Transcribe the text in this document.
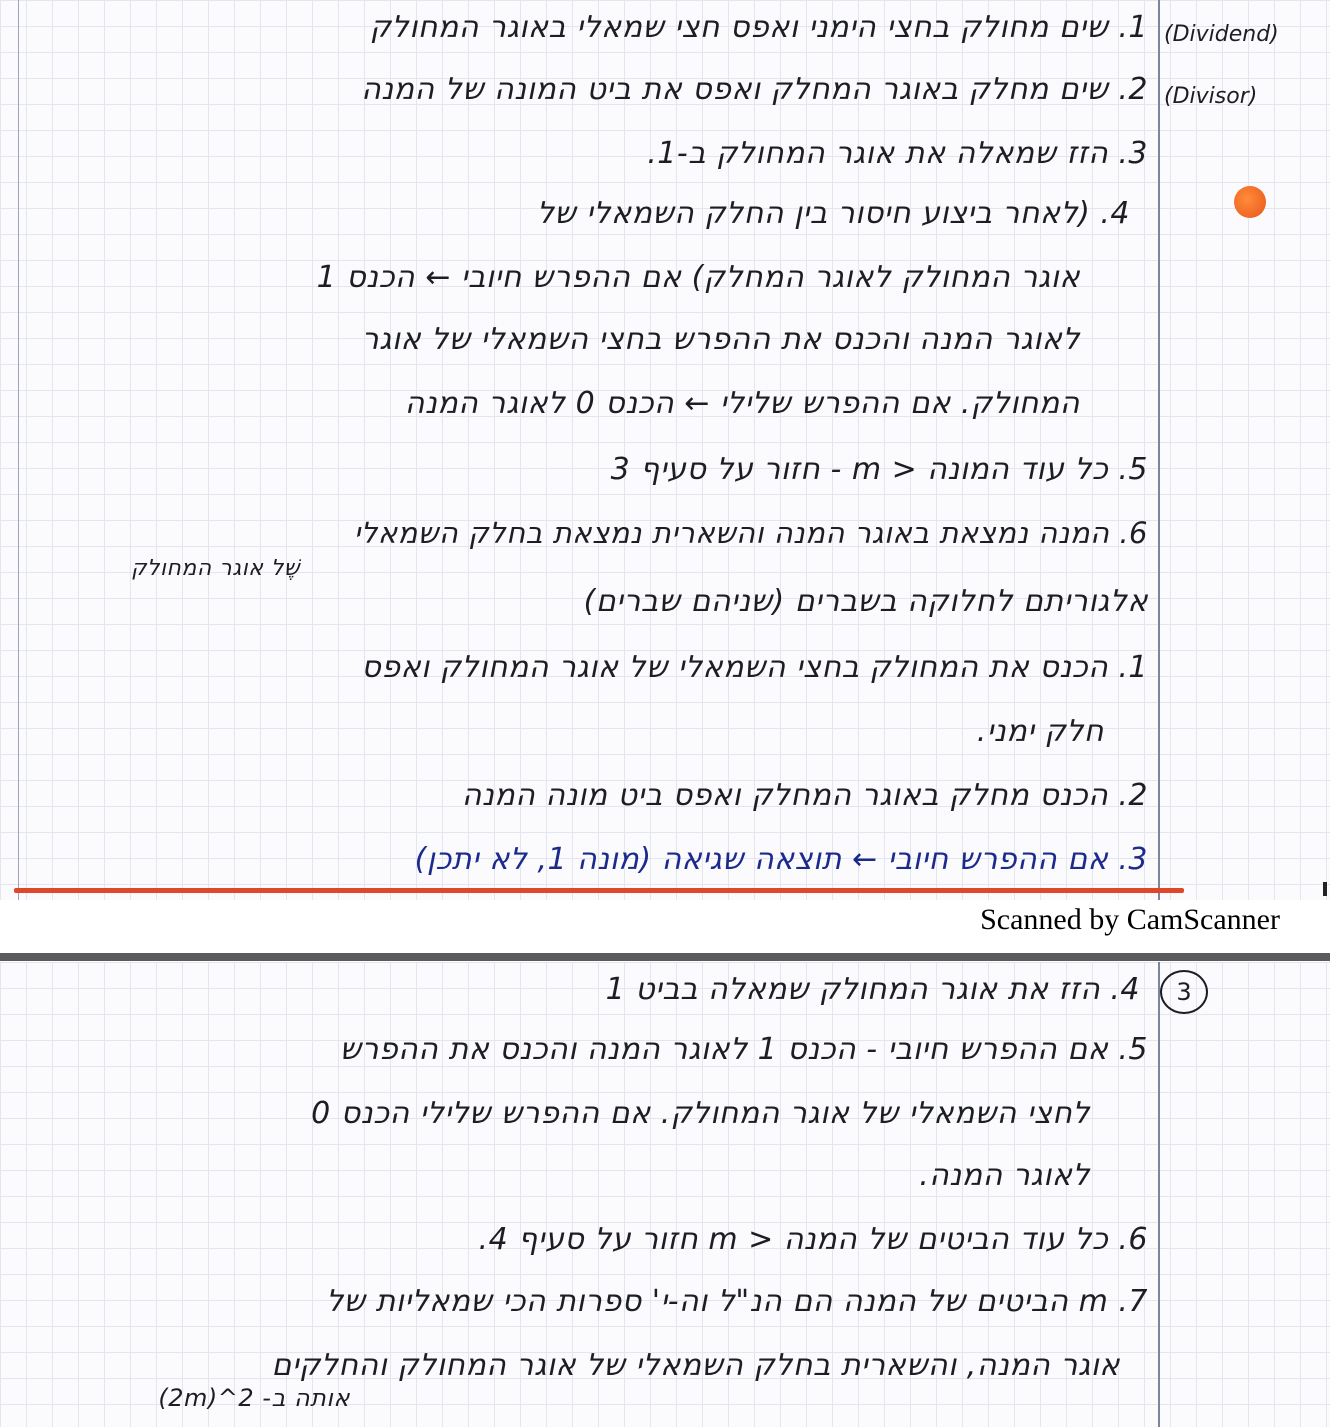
1. שים מחולק בחצי הימני ואפס חצי שמאלי באוגר המחולק
2. שים מחלק באוגר המחלק ואפס את ביט המונה של המנה
3. הזז שמאלה את אוגר המחולק ב-1.
4. (לאחר ביצוע חיסור בין החלק השמאלי של
אוגר המחולק לאוגר המחלק) אם ההפרש חיובי ← הכנס 1
לאוגר המנה והכנס את ההפרש בחצי השמאלי של אוגר
המחולק. אם ההפרש שלילי ← הכנס 0 לאוגר המנה
5. כל עוד המונה < m - חזור על סעיף 3
6. המנה נמצאת באוגר המנה והשארית נמצאת בחלק השמאלי
שֶׁל אוגר המחולק
אלגוריתם לחלוקה בשברים (שניהם שברים)
1. הכנס את המחולק בחצי השמאלי של אוגר המחולק ואפס
חלק ימני.
2. הכנס מחלק באוגר המחלק ואפס ביט מונה המנה
3. אם ההפרש חיובי ← תוצאה שגיאה (מונה 1, לא יתכן)
(Dividend)
(Divisor)
Scanned by CamScanner
3
4. הזז את אוגר המחולק שמאלה בביט 1
5. אם ההפרש חיובי - הכנס 1 לאוגר המנה והכנס את ההפרש
לחצי השמאלי של אוגר המחולק. אם ההפרש שלילי הכנס 0
לאוגר המנה.
6. כל עוד הביטים של המנה < m חזור על סעיף 4.
7. m הביטים של המנה הם הנ"ל וה-י' ספרות הכי שמאליות של
אוגר המנה, והשארית בחלק השמאלי של אוגר המחולק והחלקים
אותה ב- 2^(2m)
